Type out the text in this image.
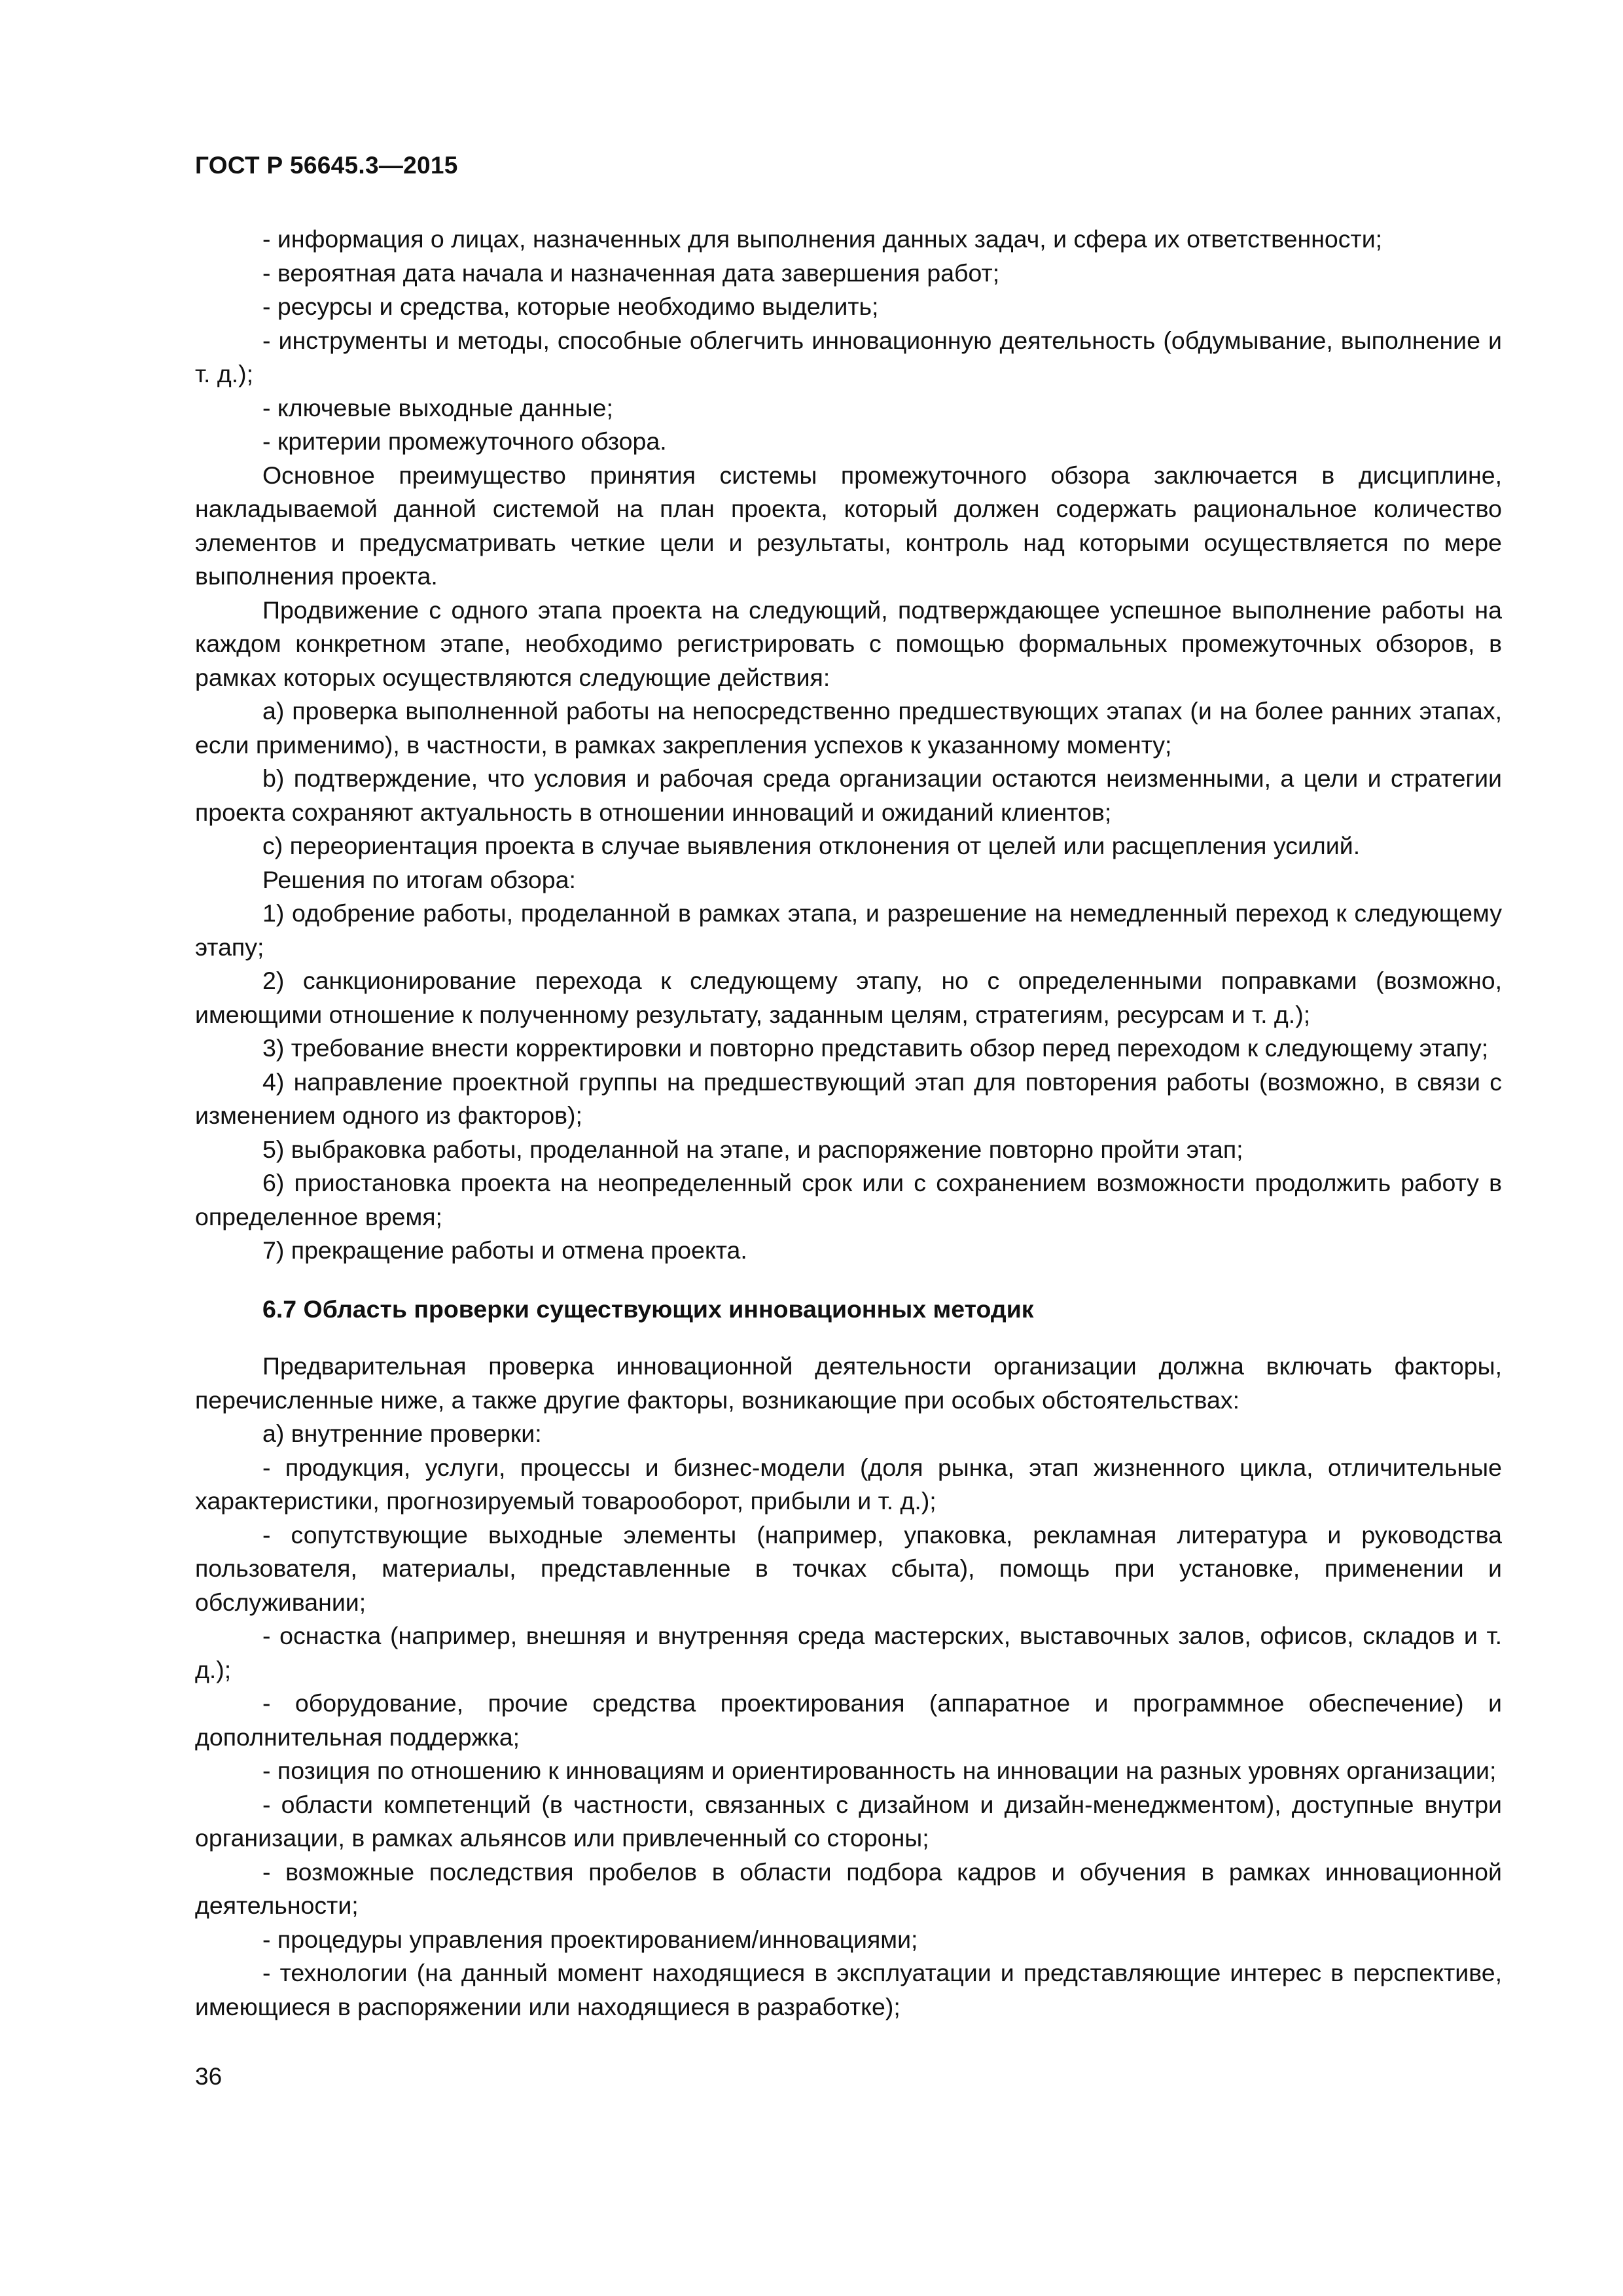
ГОСТ Р 56645.3—2015

- информация о лицах, назначенных для выполнения данных задач, и сфера их ответственности;

- вероятная дата начала и назначенная дата завершения работ;

- ресурсы и средства, которые необходимо выделить;

- инструменты и методы, способные облегчить инновационную деятельность (обдумывание, выполнение и т. д.);

- ключевые выходные данные;

- критерии промежуточного обзора.

Основное преимущество принятия системы промежуточного обзора заключается в дисциплине, накладываемой данной системой на план проекта, который должен содержать рациональное количество элементов и предусматривать четкие цели и результаты, контроль над которыми осуществляется по мере выполнения проекта.

Продвижение с одного этапа проекта на следующий, подтверждающее успешное выполнение работы на каждом конкретном этапе, необходимо регистрировать с помощью формальных промежуточных обзоров, в рамках которых осуществляются следующие действия:

a) проверка выполненной работы на непосредственно предшествующих этапах (и на более ранних этапах, если применимо), в частности, в рамках закрепления успехов к указанному моменту;

b) подтверждение, что условия и рабочая среда организации остаются неизменными, а цели и стратегии проекта сохраняют актуальность в отношении инноваций и ожиданий клиентов;

c) переориентация проекта в случае выявления отклонения от целей или расщепления усилий.

Решения по итогам обзора:

1) одобрение работы, проделанной в рамках этапа, и разрешение на немедленный переход к следующему этапу;

2) санкционирование перехода к следующему этапу, но с определенными поправками (возможно, имеющими отношение к полученному результату, заданным целям, стратегиям, ресурсам и т. д.);

3) требование внести корректировки и повторно представить обзор перед переходом к следующему этапу;

4) направление проектной группы на предшествующий этап для повторения работы (возможно, в связи с изменением одного из факторов);

5) выбраковка работы, проделанной на этапе, и распоряжение повторно пройти этап;

6) приостановка проекта на неопределенный срок или с сохранением возможности продолжить работу в определенное время;

7) прекращение работы и отмена проекта.

6.7 Область проверки существующих инновационных методик

Предварительная проверка инновационной деятельности организации должна включать факторы, перечисленные ниже, а также другие факторы, возникающие при особых обстоятельствах:

а) внутренние проверки:

- продукция, услуги, процессы и бизнес-модели (доля рынка, этап жизненного цикла, отличительные характеристики, прогнозируемый товарооборот, прибыли и т. д.);

- сопутствующие выходные элементы (например, упаковка, рекламная литература и руководства пользователя, материалы, представленные в точках сбыта), помощь при установке, применении и обслуживании;

- оснастка (например, внешняя и внутренняя среда мастерских, выставочных залов, офисов, складов и т. д.);

- оборудование, прочие средства проектирования (аппаратное и программное обеспечение) и дополнительная поддержка;

- позиция по отношению к инновациям и ориентированность на инновации на разных уровнях организации;

- области компетенций (в частности, связанных с дизайном и дизайн-менеджментом), доступные внутри организации, в рамках альянсов или привлеченный со стороны;

- возможные последствия пробелов в области подбора кадров и обучения в рамках инновационной деятельности;

- процедуры управления проектированием/инновациями;

- технологии (на данный момент находящиеся в эксплуатации и представляющие интерес в перспективе, имеющиеся в распоряжении или находящиеся в разработке);

36
